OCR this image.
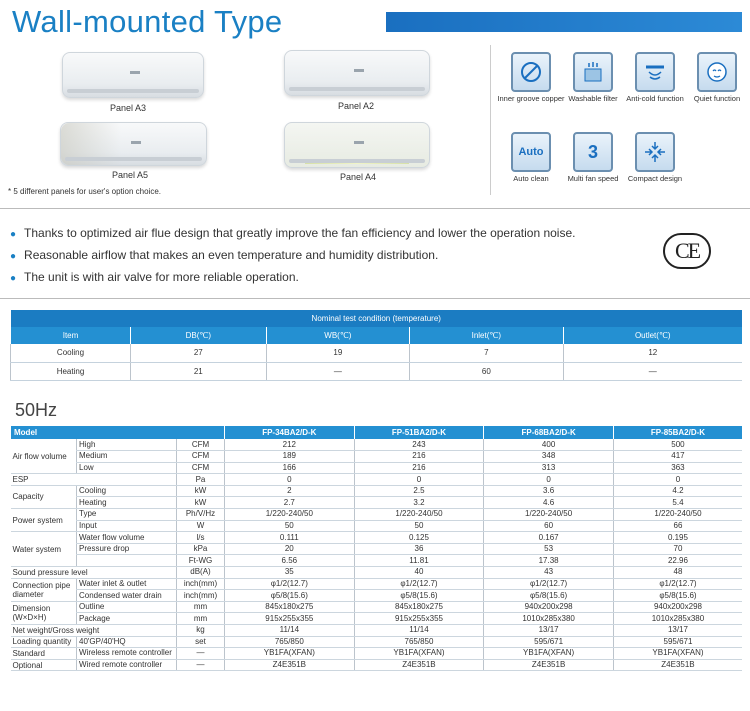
Wall-mounted Type
Panel A3	Panel A2
Panel A5	Panel A4
* 5 different panels for user's option choice.
Inner groove copper Washable filter	Anti-cold function	Quiet function
Auto
Auto clean
3
Multi fan speed	Compact design
● Thanks to optimized air flue design that greatly improve the fan efficiency and lower the operation noise.
● Reasonable airflow that makes an even temperature and humidity distribution.
● The unit is with air valve for more reliable operation.
CE
Nominal test condition (temperature)				
Item	DB(℃)	WB(℃)	Inlet(℃)	Outlet(℃)
Cooling	27	19	7	12
Heating	21	—	60	—
50Hz
Model			FP-34BA2/D-K	FP-51BA2/D-K	FP-68BA2/D-K	FP-85BA2/D-K
Air flow volume	High	CFM	212	243	400	500
	Medium	CFM	189	216	348	417
	Low	CFM	166	216	313	363
ESP		Pa	0	0	0	0
Capacity	Cooling	kW	2	2.5	3.6	4.2
	Heating	kW	2.7	3.2	4.6	5.4
Power system	Type	Ph/V/Hz	1/220-240/50	1/220-240/50	1/220-240/50	1/220-240/50
	Input	W	50	50	60	66
Water system	Water flow volume	l/s	0.111	0.125	0.167	0.195
	Pressure drop	kPa	20	36	53	70
		Ft-WG	6.56	11.81	17.38	22.96
Sound pressure level		dB(A)	35	40	43	48
Connection pipe diameter	Water inlet & outlet	inch(mm)	φ1/2(12.7)	φ1/2(12.7)	φ1/2(12.7)	φ1/2(12.7)
	Condensed water drain	inch(mm)	φ5/8(15.6)	φ5/8(15.6)	φ5/8(15.6)	φ5/8(15.6)
Dimension (W×D×H)	Outline	mm	845x180x275	845x180x275	940x200x298	940x200x298
	Package	mm	915x255x355	915x255x355	1010x285x380	1010x285x380
Net weight/Gross weight		kg	11/14	11/14	13/17	13/17
Loading quantity	40'GP/40'HQ	set	765/850	765/850	595/671	595/671
Standard	Wireless remote controller	—	YB1FA(XFAN)	YB1FA(XFAN)	YB1FA(XFAN)	YB1FA(XFAN)
Optional	Wired remote controller	—	Z4E351B	Z4E351B	Z4E351B	Z4E351B
